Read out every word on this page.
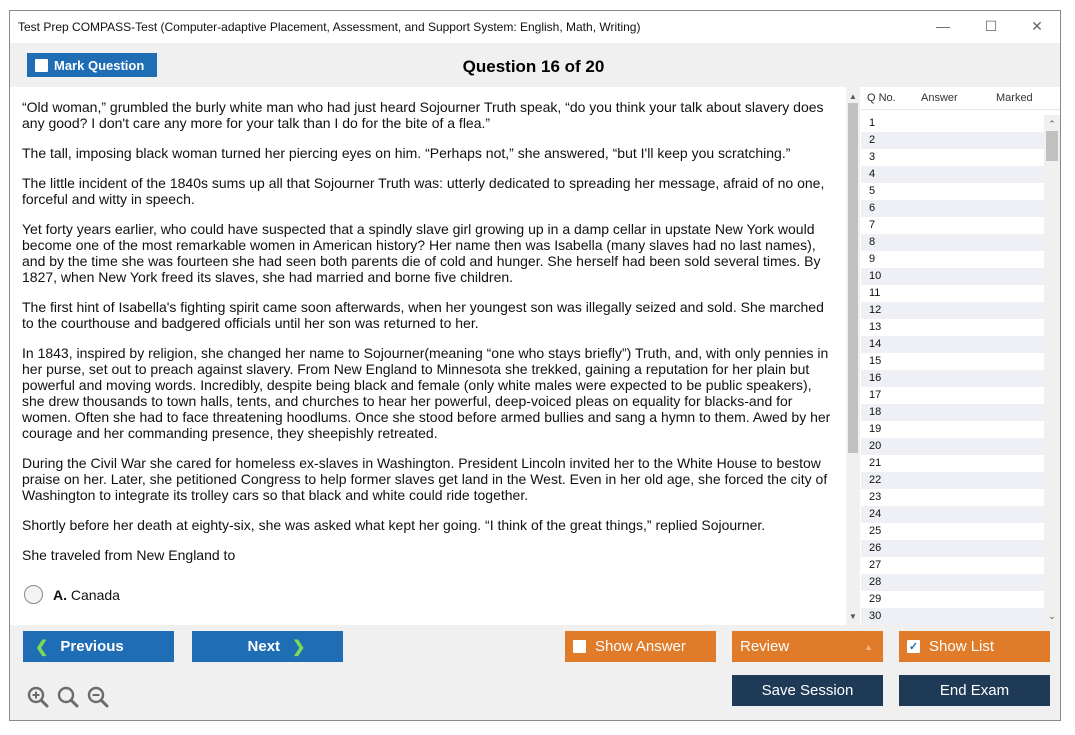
Test Prep COMPASS-Test (Computer-adaptive Placement, Assessment, and Support System: English, Math, Writing)	—	☐	✕
Question 16 of 20
Mark Question

“Old woman,” grumbled the burly white man who had just heard Sojourner Truth speak, “do you think your talk about slavery does any good? I don't care any more for your talk than I do for the bite of a flea.”

The tall, imposing black woman turned her piercing eyes on him. “Perhaps not,” she answered, “but I'll keep you scratching.”

The little incident of the 1840s sums up all that Sojourner Truth was: utterly dedicated to spreading her message, afraid of no one, forceful and witty in speech.

Yet forty years earlier, who could have suspected that a spindly slave girl growing up in a damp cellar in upstate New York would become one of the most remarkable women in American history? Her name then was Isabella (many slaves had no last names), and by the time she was fourteen she had seen both parents die of cold and hunger. She herself had been sold several times. By 1827, when New York freed its slaves, she had married and borne five children.

The first hint of Isabella's fighting spirit came soon afterwards, when her youngest son was illegally seized and sold. She marched to the courthouse and badgered officials until her son was returned to her.

In 1843, inspired by religion, she changed her name to Sojourner(meaning “one who stays briefly”) Truth, and, with only pennies in her purse, set out to preach against slavery. From New England to Minnesota she trekked, gaining a reputation for her plain but powerful and moving words. Incredibly, despite being black and female (only white males were expected to be public speakers), she drew thousands to town halls, tents, and churches to hear her powerful, deep-voiced pleas on equality for blacks-and for women. Often she had to face threatening hoodlums. Once she stood before armed bullies and sang a hymn to them. Awed by her courage and her commanding presence, they sheepishly retreated.

During the Civil War she cared for homeless ex-slaves in Washington. President Lincoln invited her to the White House to bestow praise on her. Later, she petitioned Congress to help former slaves get land in the West. Even in her old age, she forced the city of Washington to integrate its trolley cars so that black and white could ride together.

Shortly before her death at eighty-six, she was asked what kept her going. “I think of the great things,” replied Sojourner.

She traveled from New England to

A.
Canada
▲
▼
Q No. Answer	Marked
1
2
3
4
5
6
7
8
9
10
11
12
13
14
15
16
17
18
19
20
21
22
23
24
25
26
27
28
29
30
⌃
⌄
❮ Previous	Next ❯	Show Answer	Review	▲	✓ Show List
Save Session	End Exam
